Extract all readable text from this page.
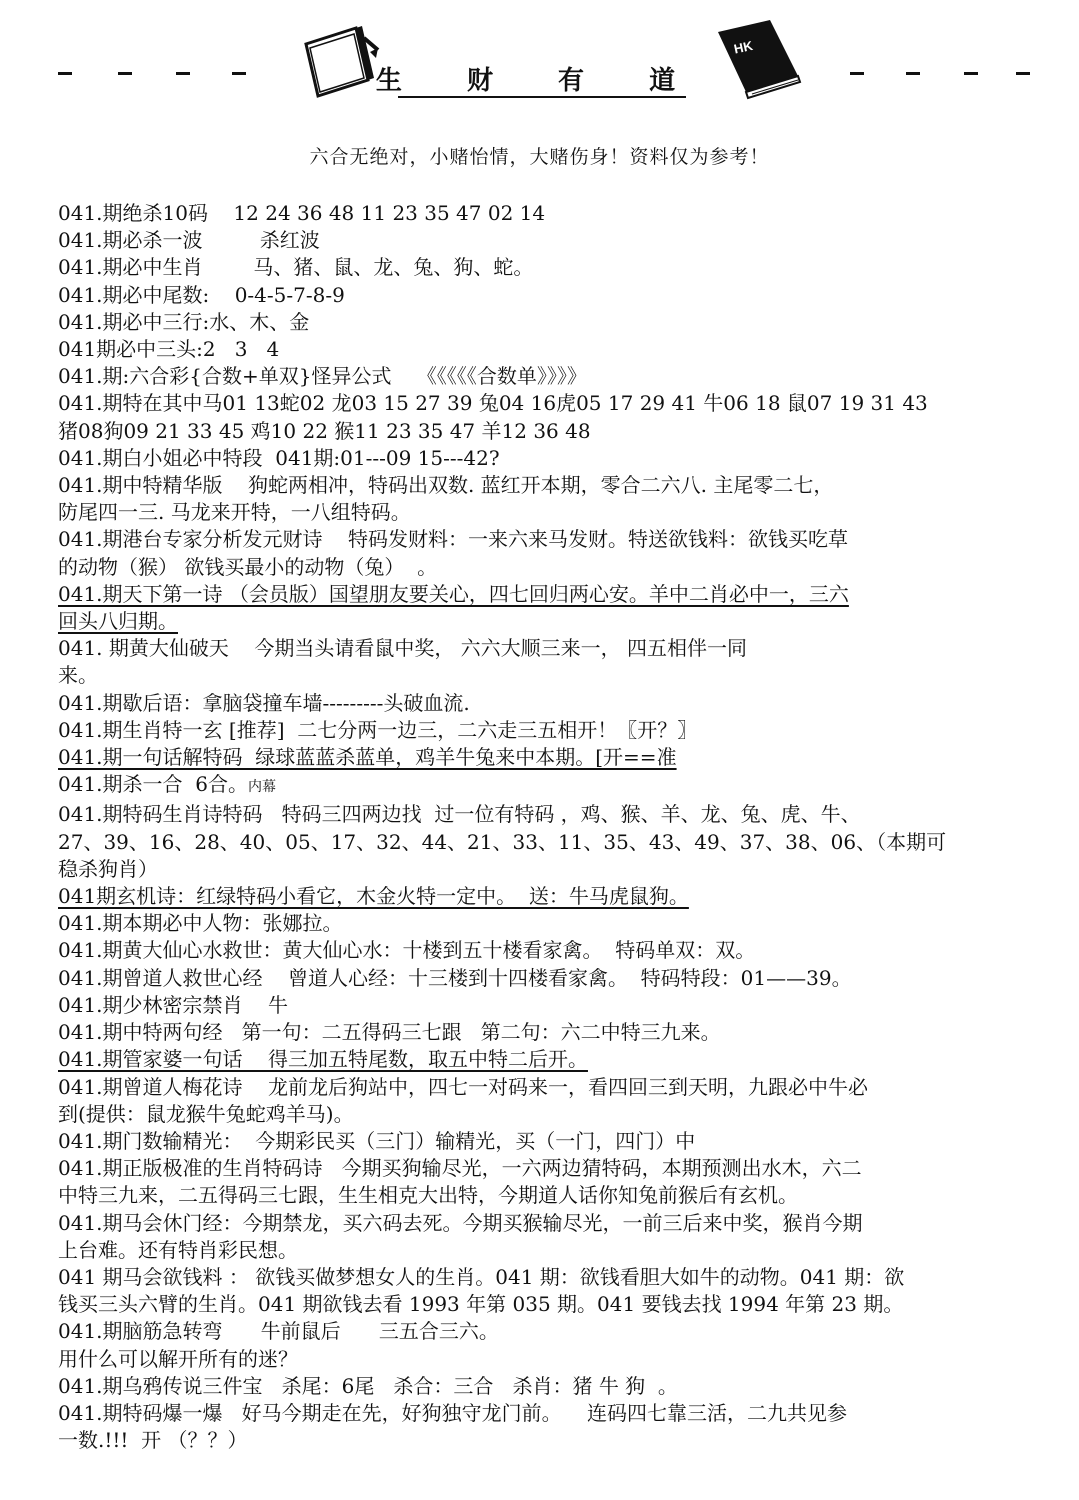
HK
生 财 有 道
六合无绝对，小赌怡情，大赌伤身！资料仅为参考！
041.期绝杀10码    12 24 36 48 11 23 35 47 02 14
041.期必杀一波         杀红波
041.期必中生肖        马、猪、鼠、龙、兔、狗、蛇。
041.期必中尾数:    0-4-5-7-8-9
041.期必中三行:水、木、金
041期必中三头:2   3   4
041.期:六合彩{合数+单双}怪异公式    《《《《《合数单》》》》
041.期特在其中马01 13蛇02 龙03 15 27 39 兔04 16虎05 17 29 41 牛06 18 鼠07 19 31 43
猪08狗09 21 33 45 鸡10 22 猴11 23 35 47 羊12 36 48
041.期白小姐必中特段  041期:01---09 15---42?
041.期中特精华版    狗蛇两相冲，特码出双数. 蓝红开本期，零合二六八. 主尾零二七，
防尾四一三. 马龙来开特，一八组特码。
041.期港台专家分析发元财诗    特码发财料：一来六来马发财。特送欲钱料：欲钱买吃草
的动物（猴） 欲钱买最小的动物（兔）  。
041.期天下第一诗 （会员版）国望朋友要关心，四七回归两心安。羊中二肖必中一，三六
回头八归期。
041. 期黄大仙破天    今期当头请看鼠中奖， 六六大顺三来一， 四五相伴一同
来。
041.期歇后语：拿脑袋撞车墙---------头破血流.
041.期生肖特一玄 [推荐]  二七分两一边三，二六走三五相开！〖开？〗
041.期一句话解特码  绿球蓝蓝杀蓝单，鸡羊牛兔来中本期。[开==准
041.期杀一合  6合。内幕
041.期特码生肖诗特码   特码三四两边找  过一位有特码 ，鸡、猴、羊、龙、兔、虎、牛、
27、39、16、28、40、05、17、32、44、21、33、11、35、43、49、37、38、06、（本期可
稳杀狗肖）
041期玄机诗：红绿特码小看它，木金火特一定中。  送：牛马虎鼠狗。
041.期本期必中人物：张娜拉。
041.期黄大仙心水救世：黄大仙心水：十楼到五十楼看家禽。  特码单双：双。
041.期曾道人救世心经    曾道人心经：十三楼到十四楼看家禽。  特码特段：01——39。
041.期少林密宗禁肖    牛
041.期中特两句经   第一句：二五得码三七跟   第二句：六二中特三九来。
041.期管家婆一句话    得三加五特尾数，取五中特二后开。
041.期曾道人梅花诗    龙前龙后狗站中，四七一对码来一，看四回三到天明，九跟必中牛必
到(提供：鼠龙猴牛兔蛇鸡羊马)。
041.期门数输精光：  今期彩民买（三门）输精光，买（一门，四门）中
041.期正版极准的生肖特码诗   今期买狗输尽光，一六两边猜特码，本期预测出水木，六二
中特三九来，二五得码三七跟，生生相克大出特，今期道人话你知兔前猴后有玄机。
041.期马会休门经：今期禁龙，买六码去死。今期买猴输尽光，一前三后来中奖，猴肖今期
上台难。还有特肖彩民想。
041 期马会欲钱料 ： 欲钱买做梦想女人的生肖。041 期：欲钱看胆大如牛的动物。041 期：欲
钱买三头六臂的生肖。041 期欲钱去看 1993 年第 035 期。041 要钱去找 1994 年第 23 期。
041.期脑筋急转弯      牛前鼠后      三五合三六。
用什么可以解开所有的迷？
041.期乌鸦传说三件宝   杀尾：6尾   杀合：三合   杀肖：猪 牛 狗  。
041.期特码爆一爆   好马今期走在先，好狗独守龙门前。    连码四七靠三活，二九共见参
一数.!!!  开 （？？）
